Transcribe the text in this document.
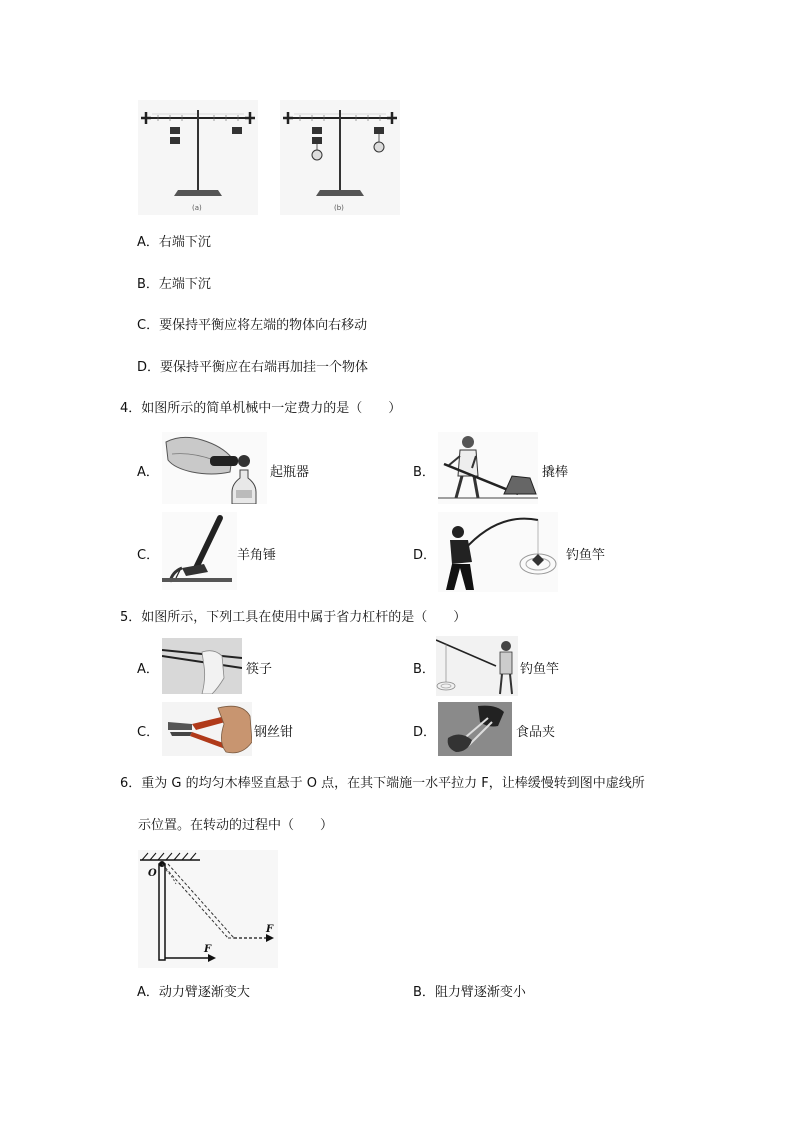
(a)	(b)
A．右端下沉
B．左端下沉
C．要保持平衡应将左端的物体向右移动
D．要保持平衡应在右端再加挂一个物体
4．如图所示的简单机械中一定费力的是（　　）
A．	起瓶器	B．	撬棒
C．	羊角锤	D．	钓鱼竿
5．如图所示，下列工具在使用中属于省力杠杆的是（　　）
A．	筷子	B．	钓鱼竿
C．	钢丝钳	D．	食品夹
6．重为 G 的均匀木棒竖直悬于 O 点，在其下端施一水平拉力 F，让棒缓慢转到图中虚线所
示位置。在转动的过程中（　　）
O
F
F
A．动力臂逐渐变大	B．阻力臂逐渐变小
